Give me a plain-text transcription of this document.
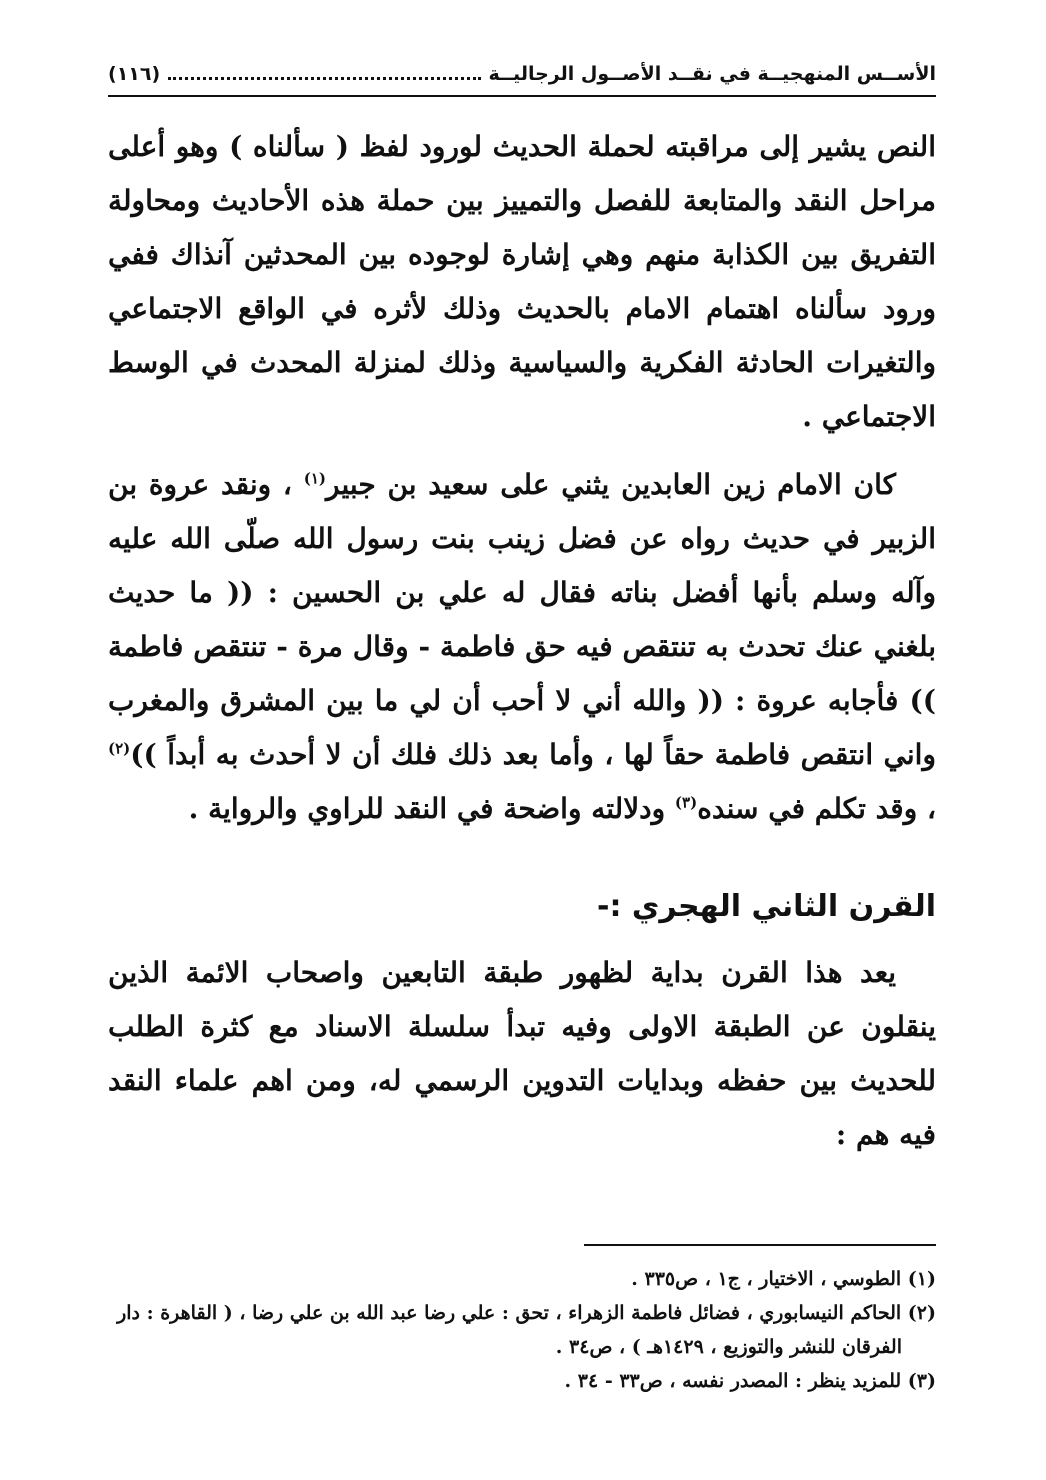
الأســس المنهجيــة في نقــد الأصــول الرجاليــة
(١١٦)

النص يشير إلى مراقبته لحملة الحديث لورود لفظ ( سألناه ) وهو أعلى مراحل النقد والمتابعة للفصل والتمييز بين حملة هذه الأحاديث ومحاولة التفريق بين الكذابة منهم وهي إشارة لوجوده بين المحدثين آنذاك ففي ورود سألناه اهتمام الامام بالحديث وذلك لأثره في الواقع الاجتماعي والتغيرات الحادثة الفكرية والسياسية وذلك لمنزلة المحدث في الوسط الاجتماعي .

كان الامام زين العابدين يثني على سعيد بن جبير$^{(١)}$ ، ونقد عروة بن الزبير في حديث رواه عن فضل زينب بنت رسول الله صلّى الله عليه وآله وسلم بأنها أفضل بناته فقال له علي بن الحسين : (( ما حديث بلغني عنك تحدث به تنتقص فيه حق فاطمة - وقال مرة - تنتقص فاطمة )) فأجابه عروة : (( والله أني لا أحب أن لي ما بين المشرق والمغرب واني انتقص فاطمة حقاً لها ، وأما بعد ذلك فلك أن لا أحدث به أبداً ))$^{(٢)}$ ، وقد تكلم في سنده$^{(٣)}$ ودلالته واضحة في النقد للراوي والرواية .

القرن الثاني الهجري :-

يعد هذا القرن بداية لظهور طبقة التابعين واصحاب الائمة الذين ينقلون عن الطبقة الاولى وفيه تبدأ سلسلة الاسناد مع كثرة الطلب للحديث بين حفظه وبدايات التدوين الرسمي له، ومن اهم علماء النقد فيه هم :

(١) الطوسي ، الاختيار ، ج١ ، ص٣٣٥ .

(٢) الحاكم النيسابوري ، فضائل فاطمة الزهراء ، تحق : علي رضا عبد الله بن علي رضا ، ( القاهرة : دار الفرقان للنشر والتوزيع ، ١٤٢٩هـ ) ، ص٣٤ .

(٣) للمزيد ينظر : المصدر نفسه ، ص٣٣ - ٣٤ .
